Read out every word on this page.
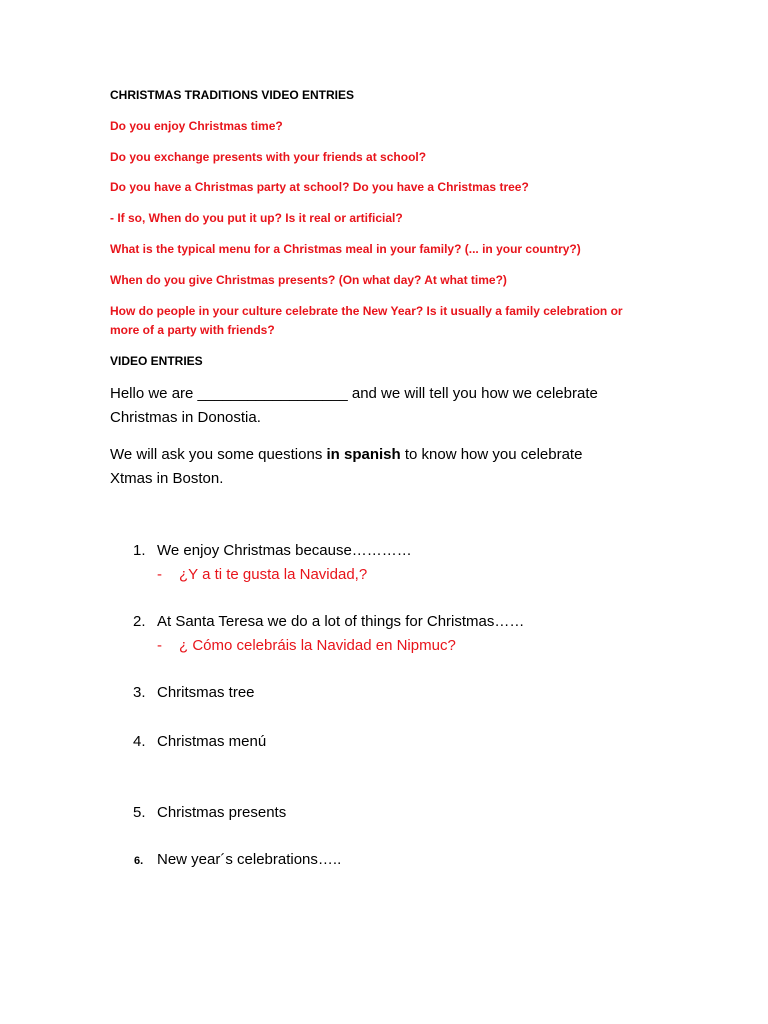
CHRISTMAS TRADITIONS VIDEO ENTRIES
Do you enjoy Christmas time?
Do you exchange presents with your friends at school?
Do you have a Christmas party at school? Do you have a Christmas tree?
- If so, When do you put it up? Is it real or artificial?
What is the typical menu for a Christmas meal in your family? (... in your country?)
When do you give Christmas presents? (On what day? At what time?)
How do people in your culture celebrate the New Year? Is it usually a family celebration or
more of a party with friends?
VIDEO ENTRIES
Hello we are __________________ and we will tell you how we celebrate
Christmas in Donostia.
We will ask you some questions in spanish to know how you celebrate
Xtmas in Boston.
1. We enjoy Christmas because…………
- ¿Y a ti te gusta la Navidad,?
2. At Santa Teresa we do a lot of things for Christmas……
- ¿ Cómo celebráis la Navidad en Nipmuc?
3. Chritsmas tree
4. Christmas menú
5. Christmas presents
6. New year´s celebrations…..
